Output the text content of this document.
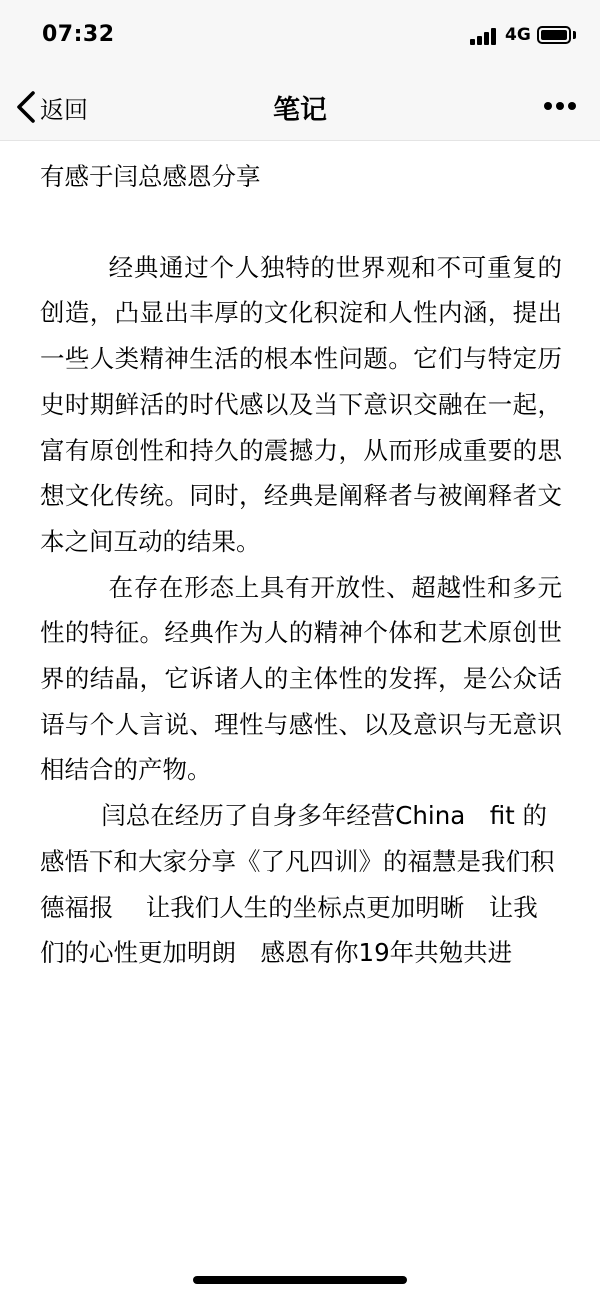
07:32	4G
返回	笔记
有感于闫总感恩分享

经典通过个人独特的世界观和不可重复的创造，凸显出丰厚的文化积淀和人性内涵，提出一些人类精神生活的根本性问题。它们与特定历史时期鲜活的时代感以及当下意识交融在一起，富有原创性和持久的震撼力，从而形成重要的思想文化传统。同时，经典是阐释者与被阐释者文本之间互动的结果。

在存在形态上具有开放性、超越性和多元性的特征。经典作为人的精神个体和艺术原创世界的结晶，它诉诸人的主体性的发挥，是公众话语与个人言说、理性与感性、以及意识与无意识相结合的产物。

闫总在经历了自身多年经营China　fit 的感悟下和大家分享《了凡四训》的福慧是我们积德福报　 让我们人生的坐标点更加明晰　让我们的心性更加明朗　感恩有你19年共勉共进
